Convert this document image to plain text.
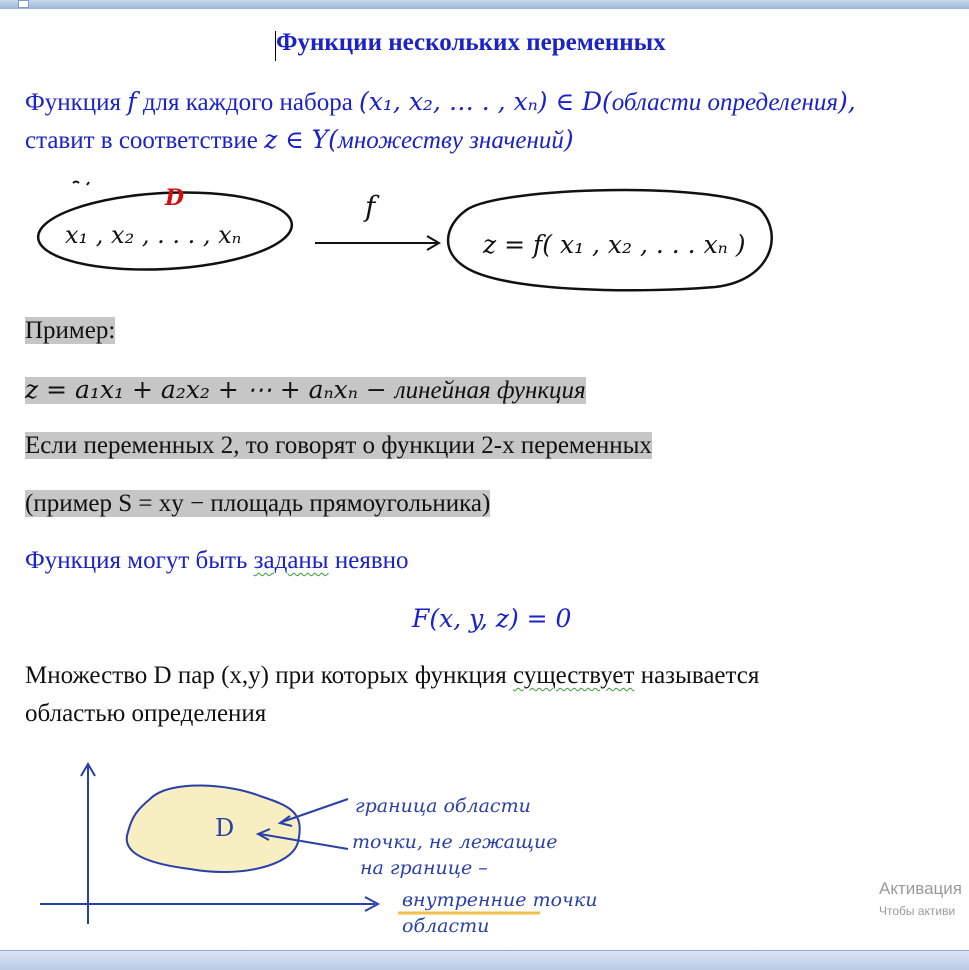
Функции нескольких переменных
Функция f для каждого набора (x₁, x₂, … . , xₙ) ∈ D(области определения),
ставит в соответствие z ∈ Y(множеству значений)
D
x₁ , x₂ , . . . , xₙ
f
z = f( x₁ , x₂ , . . . xₙ )
Пример:
z = a₁x₁ + a₂x₂ + ⋯ + aₙxₙ − линейная функция
Если переменных 2, то говорят о функции 2-х переменных
(пример S = xy − площадь прямоугольника)
Функция могут быть заданы неявно
F(x, y, z) = 0
Множество D пар (x,y) при которых функция существует называется
областью определения
D
граница области
точки, не лежащие
на границе –
внутренние точки
области
Активация
Чтобы активи
